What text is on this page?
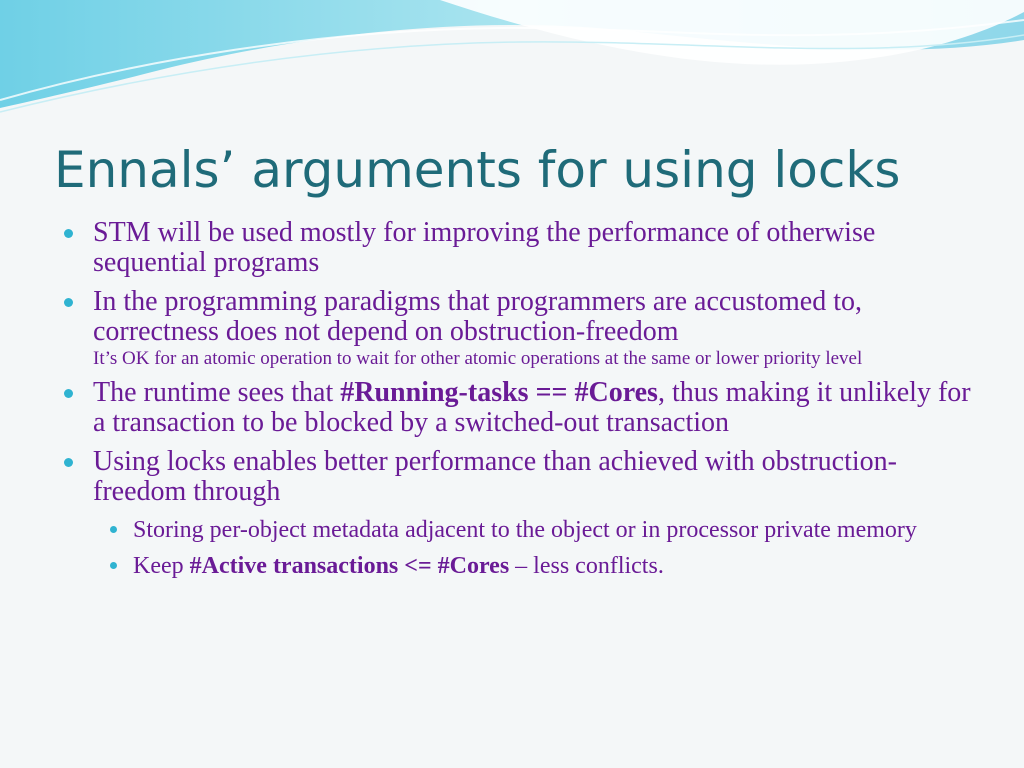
Ennals’ arguments for using locks
STM will be used mostly for improving the performance of otherwise sequential programs
In the programming paradigms that programmers are accustomed to, correctness does not depend on obstruction-freedom
It’s OK for an atomic operation to wait for other atomic operations at the same or lower priority level
The runtime sees that #Running-tasks == #Cores, thus making it unlikely for a transaction to be blocked by a switched-out transaction
Using locks enables better performance than achieved with obstruction-freedom through
Storing per-object metadata adjacent to the object or in processor private memory
Keep #Active transactions <= #Cores – less conflicts.
